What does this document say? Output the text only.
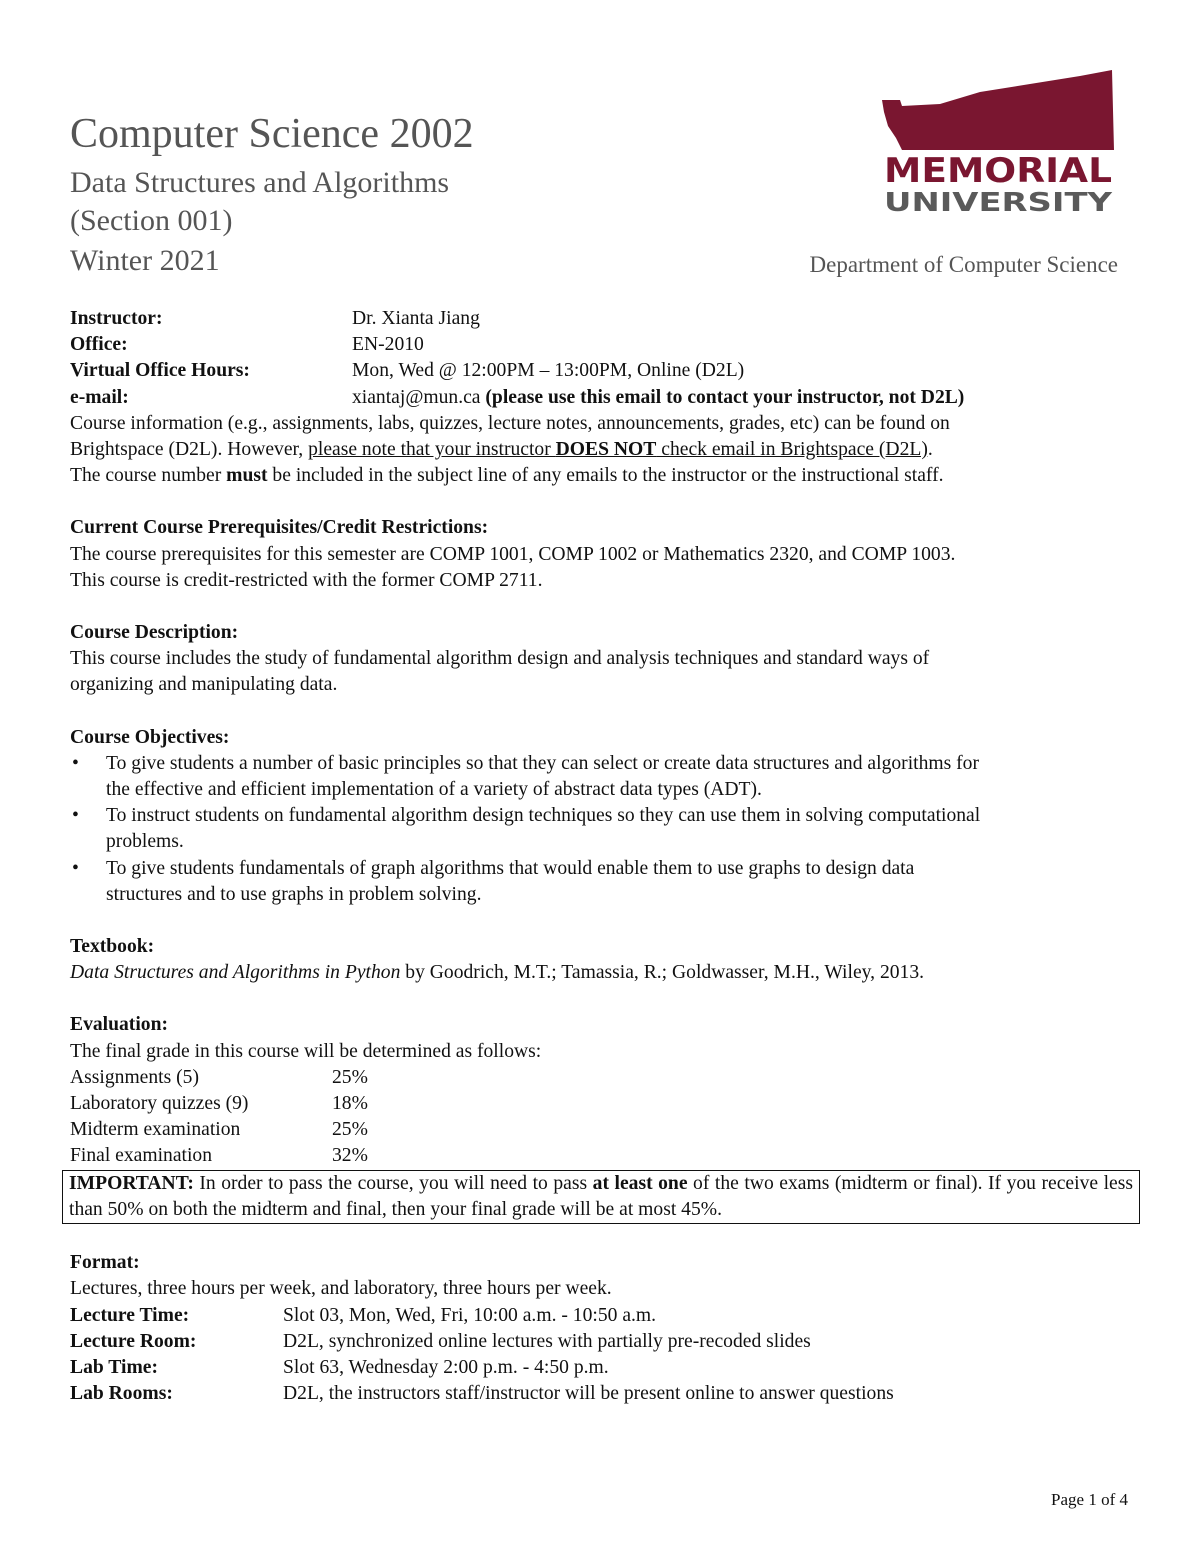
Computer Science 2002
Data Structures and Algorithms
(Section 001)
Winter 2021
MEMORIAL
UNIVERSITY
Department of Computer Science
Instructor:	Dr. Xianta Jiang
Office:	EN-2010
Virtual Office Hours:	Mon, Wed @ 12:00PM – 13:00PM, Online (D2L)
e-mail:	xiantaj@mun.ca (please use this email to contact your instructor, not D2L)
Course information (e.g., assignments, labs, quizzes, lecture notes, announcements, grades, etc) can be found on
Brightspace (D2L). However, please note that your instructor DOES NOT check email in Brightspace (D2L).
The course number must be included in the subject line of any emails to the instructor or the instructional staff.
Current Course Prerequisites/Credit Restrictions:
The course prerequisites for this semester are COMP 1001, COMP 1002 or Mathematics 2320, and COMP 1003.
This course is credit-restricted with the former COMP 2711.
Course Description:
This course includes the study of fundamental algorithm design and analysis techniques and standard ways of
organizing and manipulating data.
Course Objectives:
• To give students a number of basic principles so that they can select or create data structures and algorithms for
the effective and efficient implementation of a variety of abstract data types (ADT).
• To instruct students on fundamental algorithm design techniques so they can use them in solving computational
problems.
• To give students fundamentals of graph algorithms that would enable them to use graphs to design data
structures and to use graphs in problem solving.
Textbook:
Data Structures and Algorithms in Python by Goodrich, M.T.; Tamassia, R.; Goldwasser, M.H., Wiley, 2013.
Evaluation:
The final grade in this course will be determined as follows:
Assignments (5)	25%
Laboratory quizzes (9)	18%
Midterm examination	25%
Final examination	32%
IMPORTANT: In order to pass the course, you will need to pass at least one of the two exams (midterm or final). If you receive less than 50% on both the midterm and final, then your final grade will be at most 45%.
Format:
Lectures, three hours per week, and laboratory, three hours per week.
Lecture Time:	Slot 03, Mon, Wed, Fri, 10:00 a.m. - 10:50 a.m.
Lecture Room:	D2L, synchronized online lectures with partially pre-recoded slides
Lab Time:	Slot 63, Wednesday 2:00 p.m. - 4:50 p.m.
Lab Rooms:	D2L, the instructors staff/instructor will be present online to answer questions
Page 1 of 4
